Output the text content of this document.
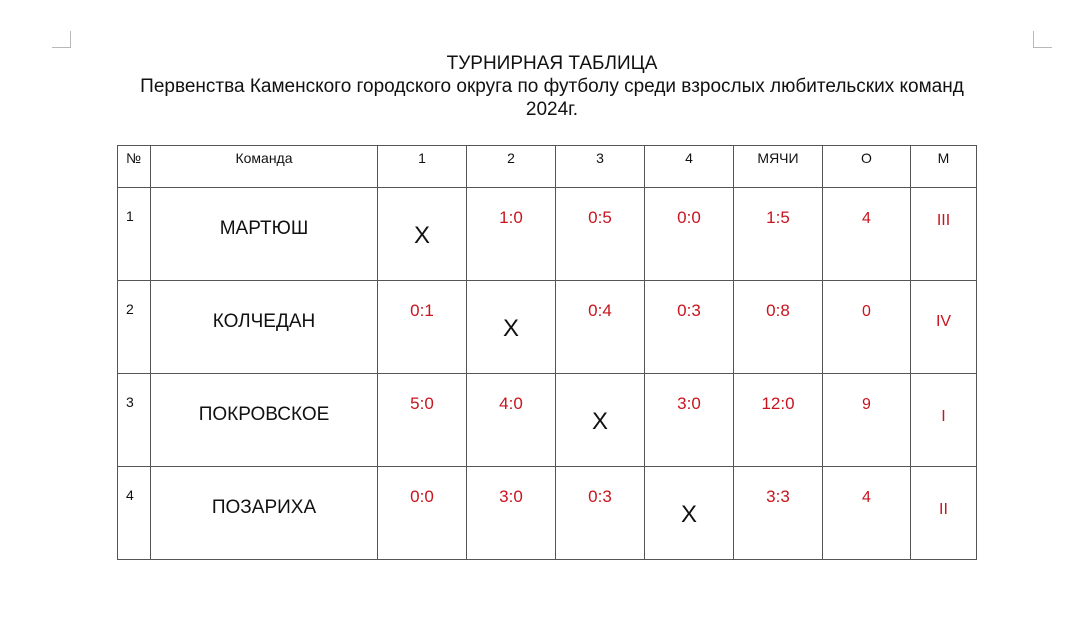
ТУРНИРНАЯ ТАБЛИЦА
Первенства Каменского городского округа по футболу среди взрослых любительских команд
2024г.
№	Команда	1	2	3	4	МЯЧИ	О	М
1	МАРТЮШ	Х	1:0	0:5	0:0	1:5	4	III

2	КОЛЧЕДАН	0:1	Х	0:4	0:3	0:8	0	IV

3	ПОКРОВСКОЕ	5:0	4:0	Х	3:0	12:0	9	I

4	ПОЗАРИХА	0:0	3:0	0:3	Х	3:3	4	II
